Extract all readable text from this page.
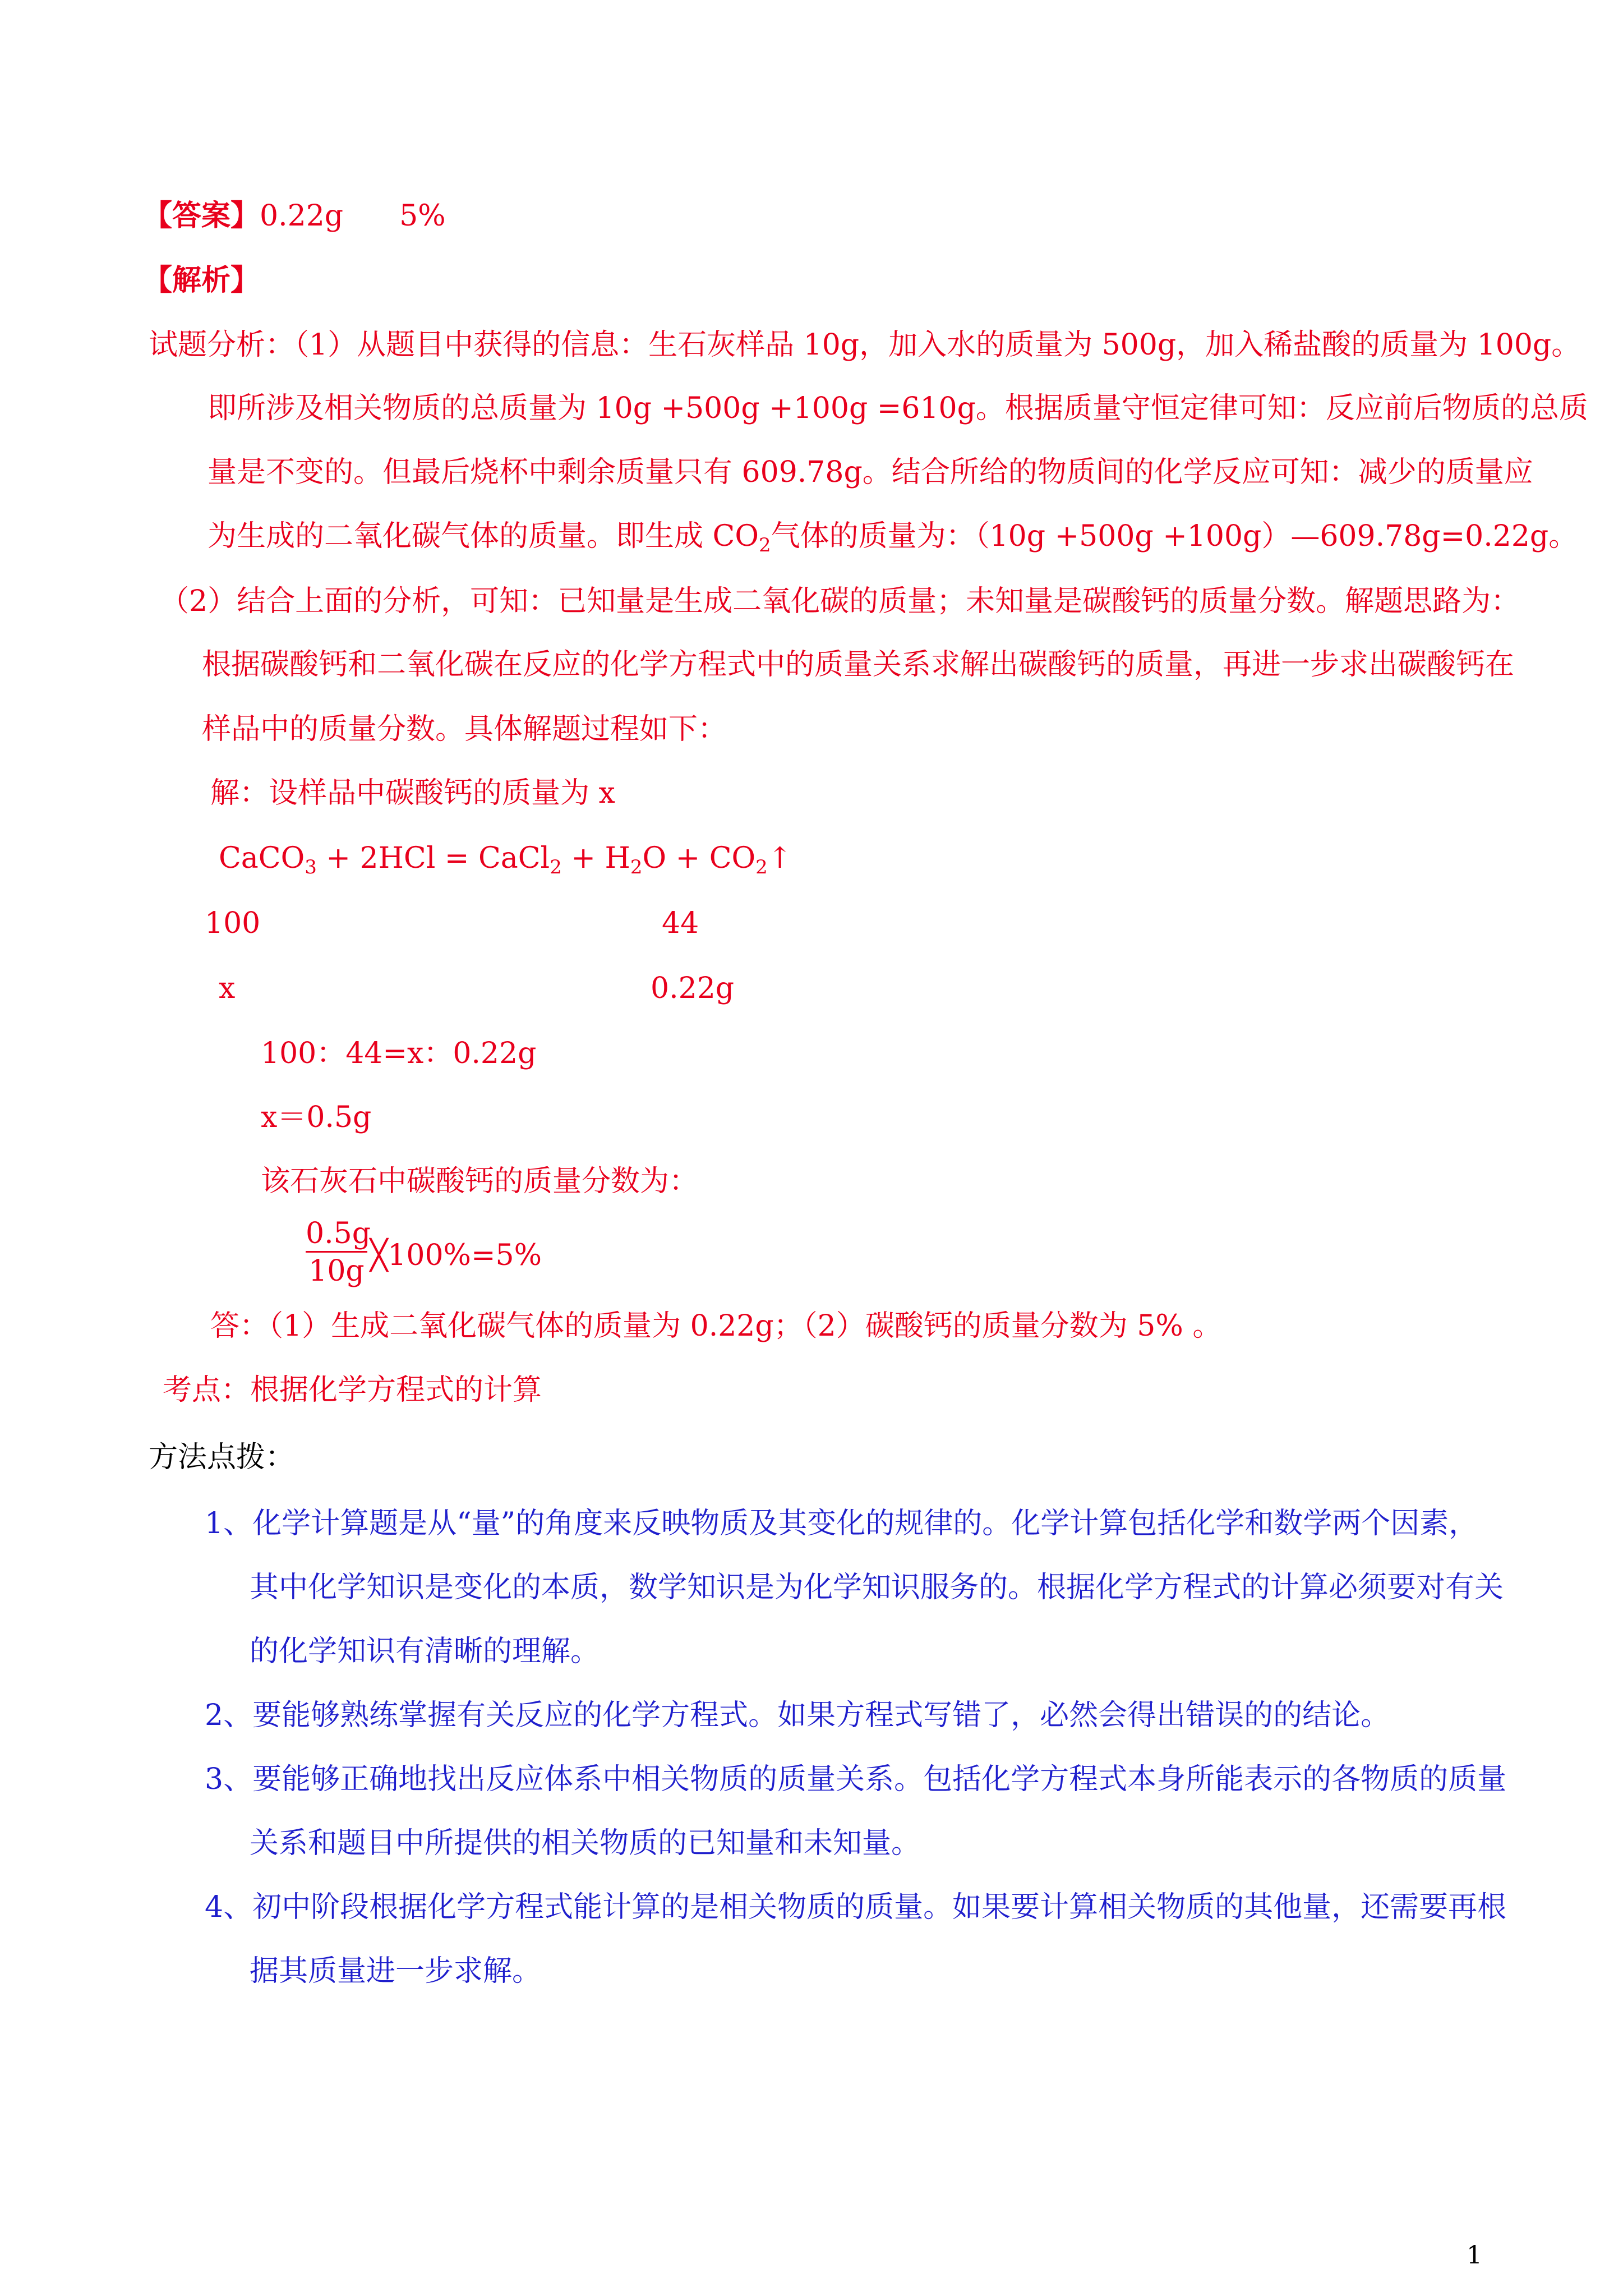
【答案】0.22g 5%
【解析】
试题分析：（1）从题目中获得的信息：生石灰样品 10g，加入水的质量为 500g，加入稀盐酸的质量为 100g。
即所涉及相关物质的总质量为 10g +500g +100g =610g。根据质量守恒定律可知：反应前后物质的总质
量是不变的。但最后烧杯中剩余质量只有 609.78g。结合所给的物质间的化学反应可知：减少的质量应
为生成的二氧化碳气体的质量。即生成 $CO_2$气体的质量为：（10g +500g +100g）—609.78g=0.22g。
（2）结合上面的分析，可知：已知量是生成二氧化碳的质量；未知量是碳酸钙的质量分数。解题思路为：
根据碳酸钙和二氧化碳在反应的化学方程式中的质量关系求解出碳酸钙的质量，再进一步求出碳酸钙在
样品中的质量分数。具体解题过程如下：
解：设样品中碳酸钙的质量为 x
CaCO$_3$ + 2HCl = CaCl$_2$ + $H_2O$ + $CO_2↑$
100	44
x	0.22g
100：44=x：0.22g
x＝0.5g
该石灰石中碳酸钙的质量分数为：
0.5g
10g ╳100%=5%
答：（1）生成二氧化碳气体的质量为 0.22g；（2）碳酸钙的质量分数为 5% 。
考点：根据化学方程式的计算
方法点拨：
1、化学计算题是从“量”的角度来反映物质及其变化的规律的。化学计算包括化学和数学两个因素，
其中化学知识是变化的本质，数学知识是为化学知识服务的。根据化学方程式的计算必须要对有关
的化学知识有清晰的理解。
2、要能够熟练掌握有关反应的化学方程式。如果方程式写错了，必然会得出错误的的结论。
3、要能够正确地找出反应体系中相关物质的质量关系。包括化学方程式本身所能表示的各物质的质量
关系和题目中所提供的相关物质的已知量和未知量。
4、初中阶段根据化学方程式能计算的是相关物质的质量。如果要计算相关物质的其他量，还需要再根
据其质量进一步求解。
1
